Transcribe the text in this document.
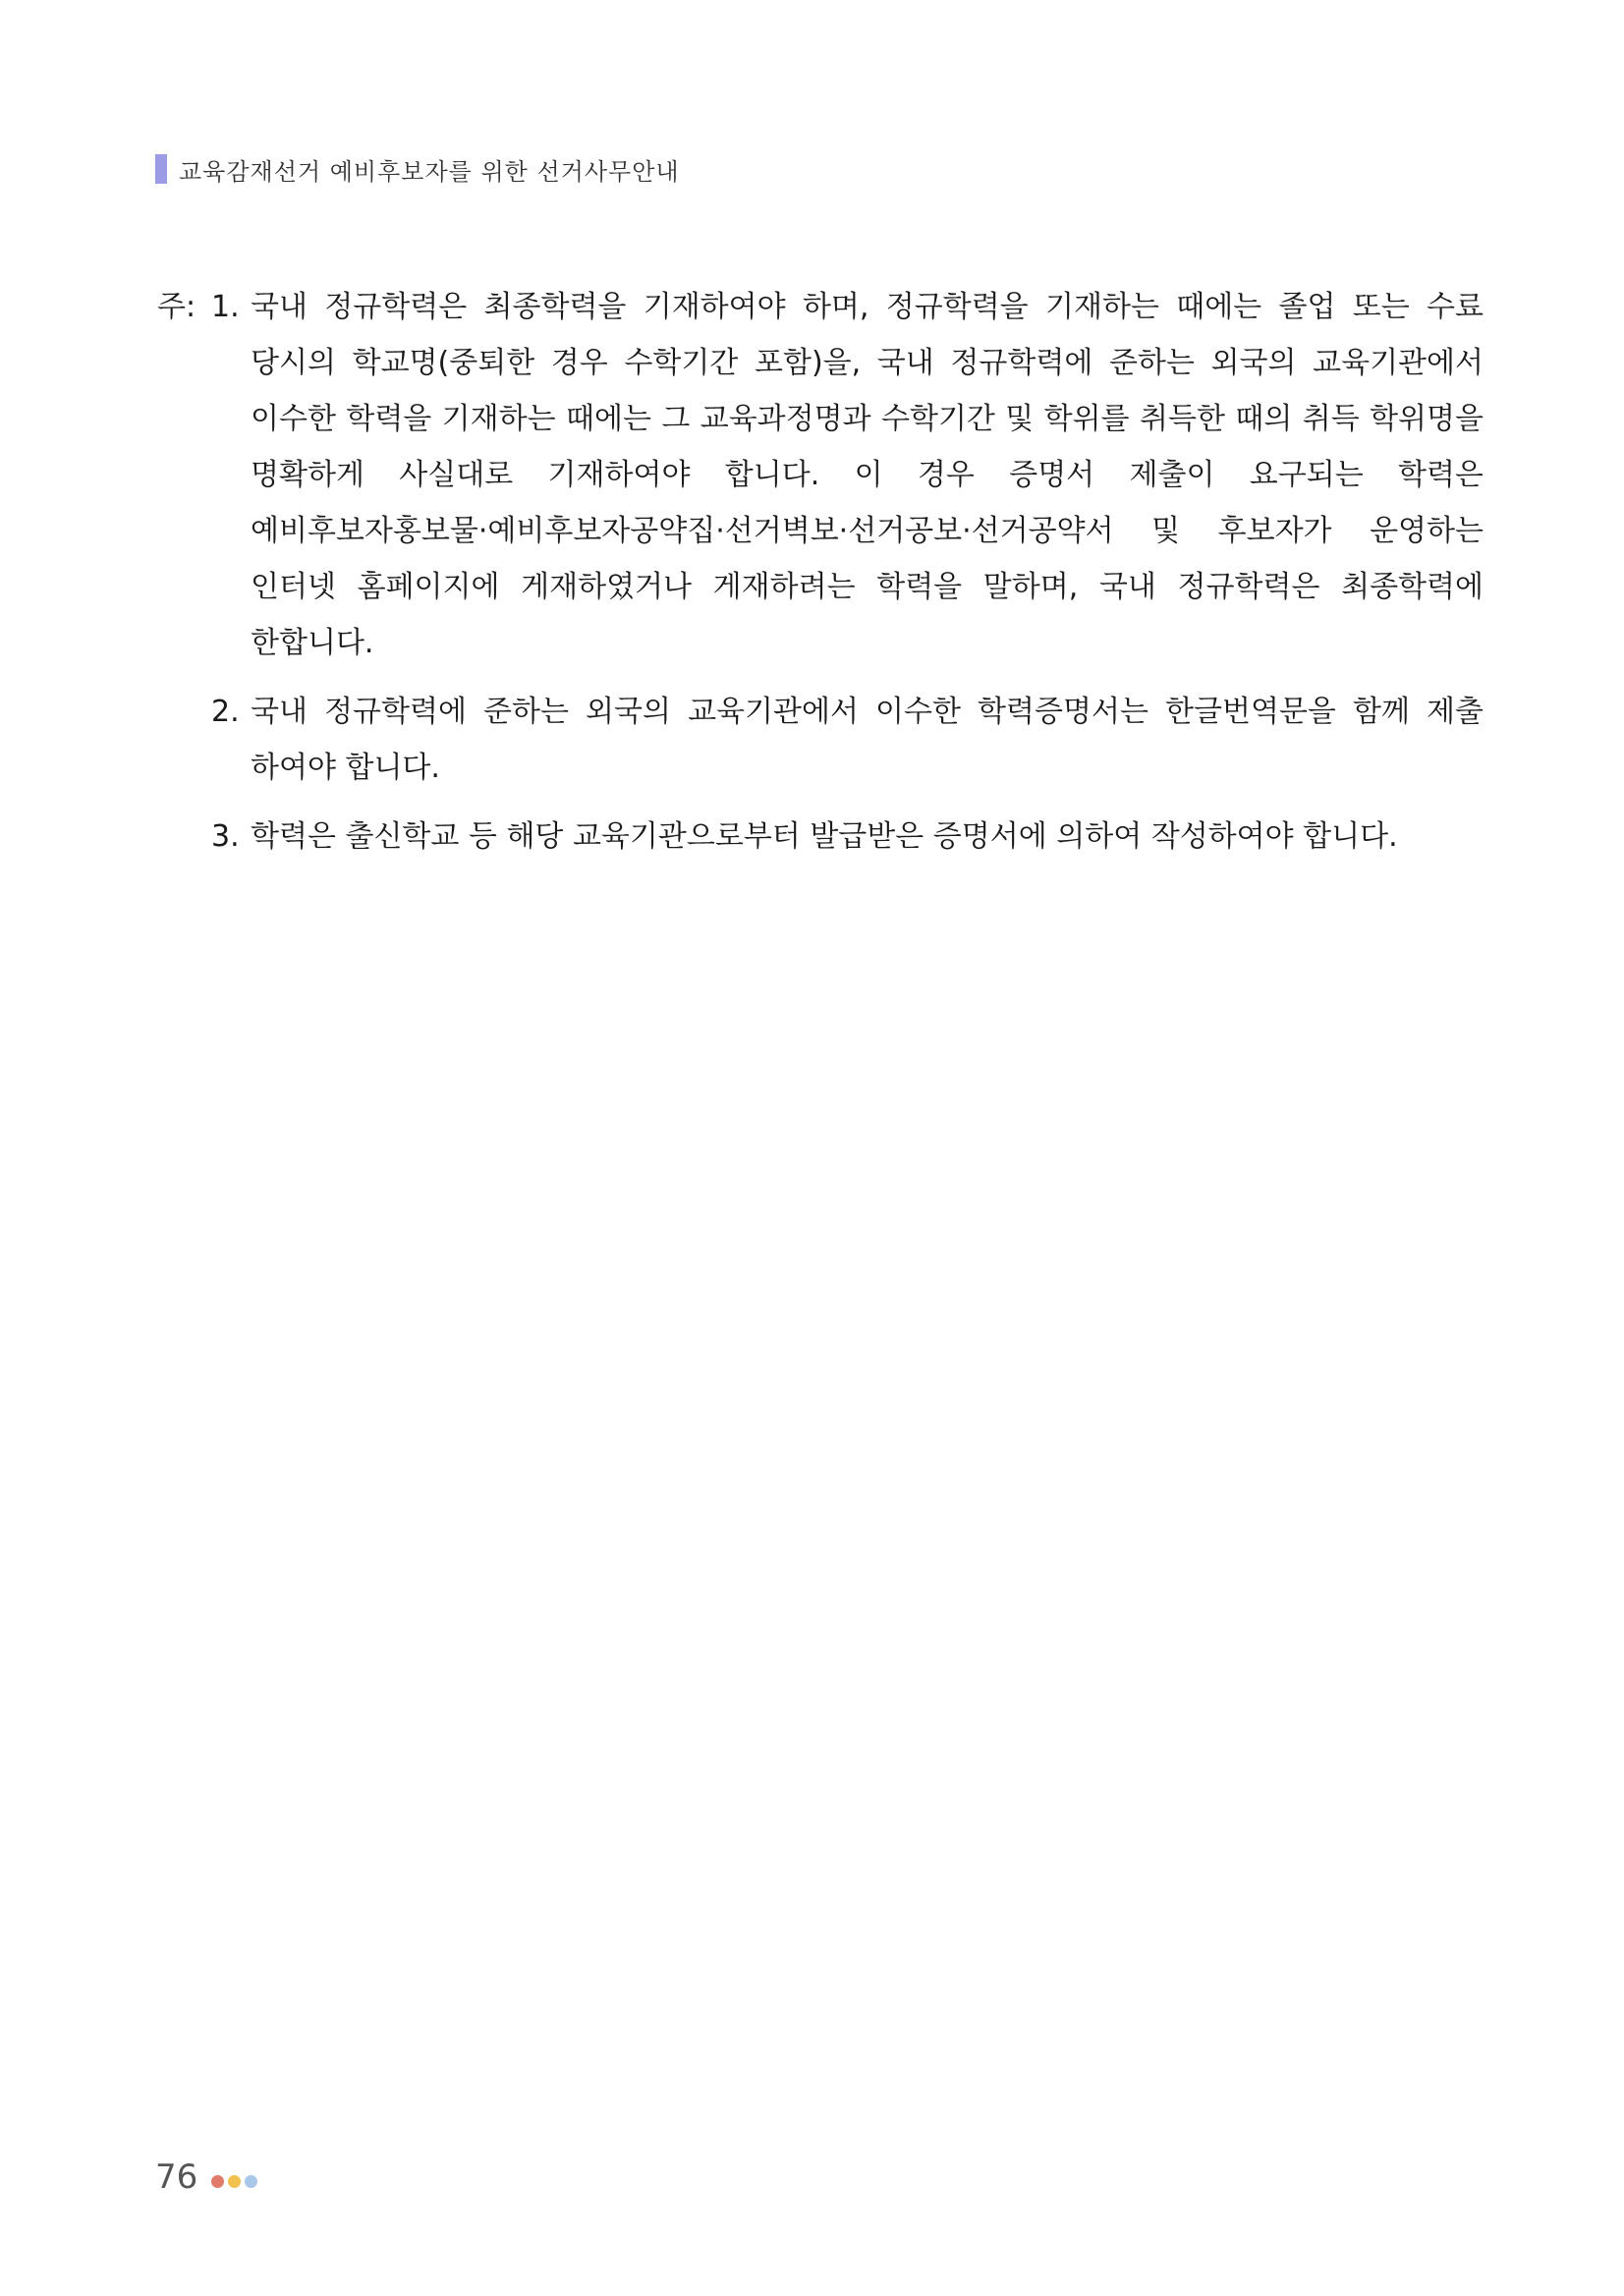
교육감재선거 예비후보자를 위한 선거사무안내
주: 1. 국내 정규학력은 최종학력을 기재하여야 하며, 정규학력을 기재하는 때에는 졸업 또는 수료 당시의 학교명(중퇴한 경우 수학기간 포함)을, 국내 정규학력에 준하는 외국의 교육기관에서 이수한 학력을 기재하는 때에는 그 교육과정명과 수학기간 및 학위를 취득한 때의 취득 학위명을 명확하게 사실대로 기재하여야 합니다. 이 경우 증명서 제출이 요구되는 학력은 예비후보자홍보물·예비후보자공약집·선거벽보·선거공보·선거공약서 및 후보자가 운영하는 인터넷 홈페이지에 게재하였거나 게재하려는 학력을 말하며, 국내 정규학력은 최종학력에 한합니다.
2. 국내 정규학력에 준하는 외국의 교육기관에서 이수한 학력증명서는 한글번역문을 함께 제출 하여야 합니다.
3. 학력은 출신학교 등 해당 교육기관으로부터 발급받은 증명서에 의하여 작성하여야 합니다.
76
